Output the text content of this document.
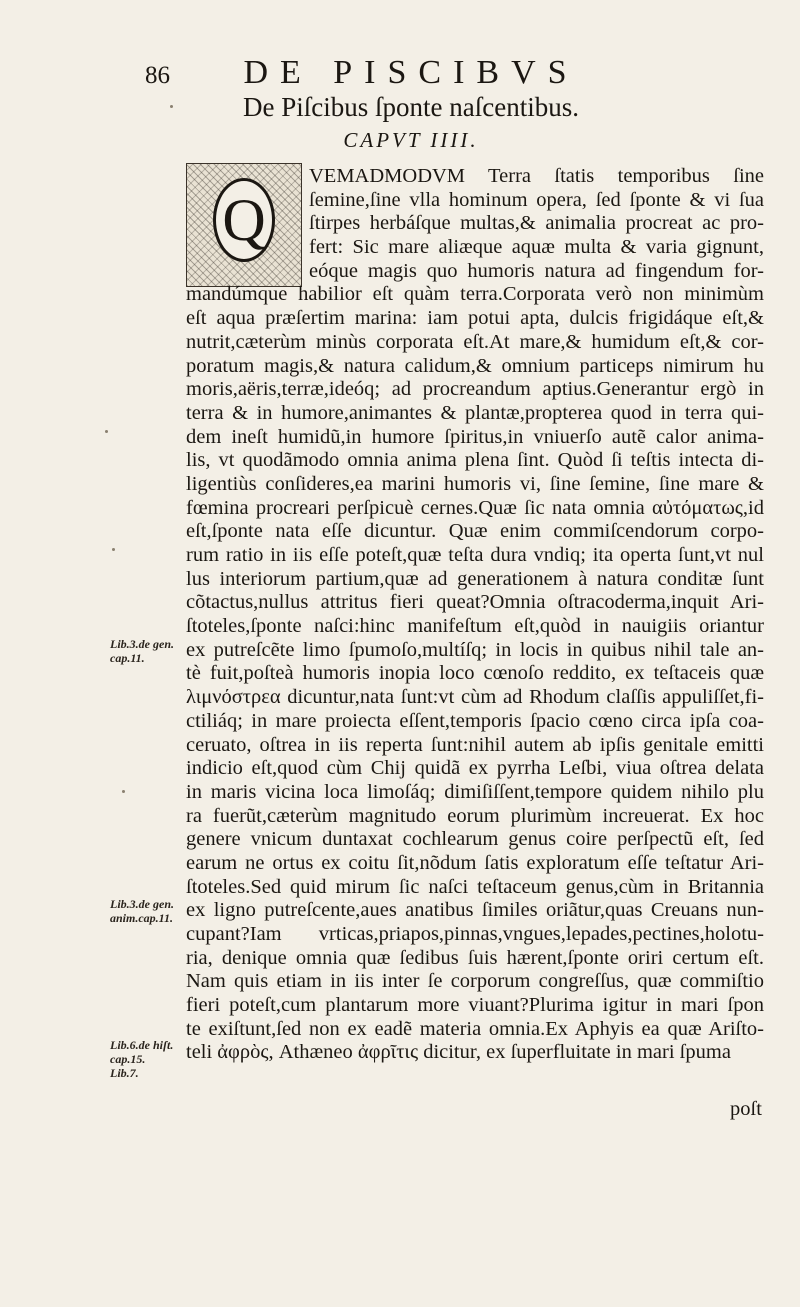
86	DE PISCIBVS
De Piſcibus ſponte naſcentibus.
CAPVT IIII.
Q
VEMADMODVM Terra ſtatis temporibus ſine
ſemine,ſine vlla hominum opera, ſed ſponte & vi ſua
ſtirpes herbáſque multas,& animalia procreat ac pro-
fert: Sic mare aliæque aquæ multa & varia gignunt,
eóque magis quo humoris natura ad fingendum for-
mandúmque habilior eſt quàm terra.Corporata verò non minimùm
eſt aqua præſertim marina: iam potui apta, dulcis frigidáque eſt,&
nutrit,cæterùm minùs corporata eſt.At mare,& humidum eſt,& cor-
poratum magis,& natura calidum,& omnium particeps nimirum hu
moris,aëris,terræ,ideóq; ad procreandum aptius.Generantur ergò in
terra & in humore,animantes & plantæ,propterea quod in terra qui-
dem ineſt humidũ,in humore ſpiritus,in vniuerſo autẽ calor anima-
lis, vt quodãmodo omnia anima plena ſint. Quòd ſi teſtis intecta di-
ligentiùs conſideres,ea marini humoris vi, ſine ſemine, ſine mare &
fœmina procreari perſpicuè cernes.Quæ ſic nata omnia αὐτόματως,id
eſt,ſponte nata eſſe dicuntur. Quæ enim commiſcendorum corpo-
rum ratio in iis eſſe poteſt,quæ teſta dura vndiq; ita operta ſunt,vt nul
lus interiorum partium,quæ ad generationem à natura conditæ ſunt
cõtactus,nullus attritus fieri queat?Omnia oſtracoderma,inquit Ari-
ſtoteles,ſponte naſci:hinc manifeſtum eſt,quòd in nauigiis oriantur
ex putreſcẽte limo ſpumoſo,multíſq; in locis in quibus nihil tale an-
tè fuit,poſteà humoris inopia loco cœnoſo reddito, ex teſtaceis quæ
λιμνόστρεα dicuntur,nata ſunt:vt cùm ad Rhodum claſſis appuliſſet,fi-
ctiliáq; in mare proiecta eſſent,temporis ſpacio cœno circa ipſa coa-
ceruato, oſtrea in iis reperta ſunt:nihil autem ab ipſis genitale emitti
indicio eſt,quod cùm Chij quidã ex pyrrha Leſbi, viua oſtrea delata
in maris vicina loca limoſáq; dimiſiſſent,tempore quidem nihilo plu
ra fuerũt,cæterùm magnitudo eorum plurimùm increuerat. Ex hoc
genere vnicum duntaxat cochlearum genus coire perſpectũ eſt, ſed
earum ne ortus ex coitu ſit,nõdum ſatis exploratum eſſe teſtatur Ari-
ſtoteles.Sed quid mirum ſic naſci teſtaceum genus,cùm in Britannia
ex ligno putreſcente,aues anatibus ſimiles oriãtur,quas Creuans nun-
cupant?Iam vrticas,priapos,pinnas,vngues,lepades,pectines,holotu-
ria, denique omnia quæ ſedibus ſuis hærent,ſponte oriri certum eſt.
Nam quis etiam in iis inter ſe corporum congreſſus, quæ commiſtio
fieri poteſt,cum plantarum more viuant?Plurima igitur in mari ſpon
te exiſtunt,ſed non ex eadẽ materia omnia.Ex Aphyis ea quæ Ariſto-
teli ἀφρὸς, Athæneo ἀφρῖτις dicitur, ex ſuperfluitate in mari ſpuma
poſt
Lib.3.de gen.
cap.11.
Lib.3.de gen.
anim.cap.11.
Lib.6.de hiſt.
cap.15.
Lib.7.
